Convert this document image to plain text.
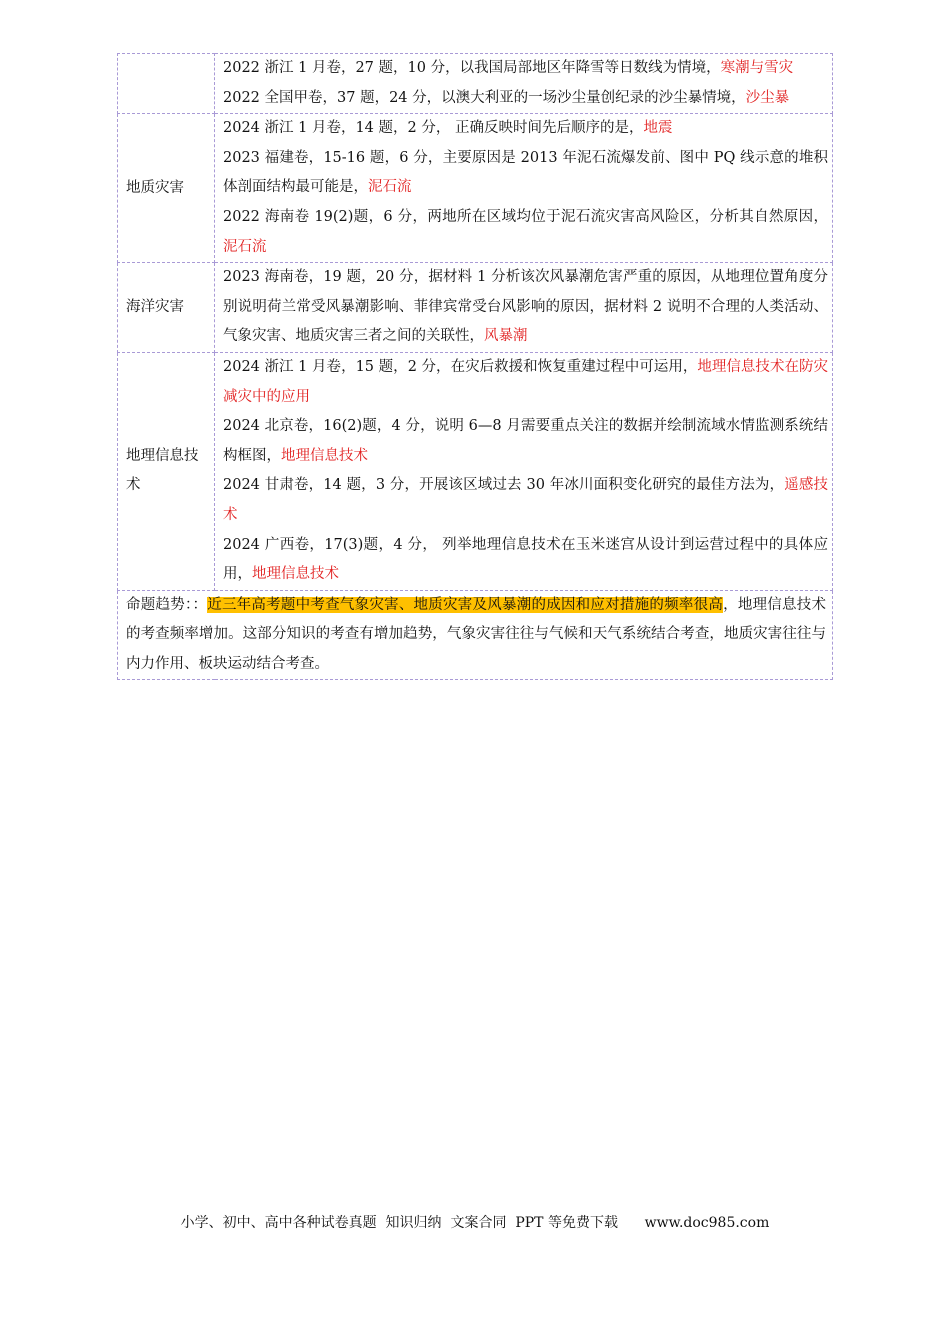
	2022 浙江 1 月卷，27 题，10 分，以我国局部地区年降雪等日数线为情境，寒潮与雪灾
2022 全国甲卷，37 题，24 分，以澳大利亚的一场沙尘量创纪录的沙尘暴情境，沙尘暴

地质灾害	2024 浙江 1 月卷，14 题，2 分， 正确反映时间先后顺序的是，地震
2023 福建卷，15-16 题，6 分，主要原因是 2013 年泥石流爆发前、图中 PQ 线示意的堆积体剖面结构最可能是，泥石流
2022 海南卷 19(2)题，6 分，两地所在区域均位于泥石流灾害高风险区，分析其自然原因，泥石流

海洋灾害	2023 海南卷，19 题，20 分，据材料 1 分析该次风暴潮危害严重的原因，从地理位置角度分别说明荷兰常受风暴潮影响、菲律宾常受台风影响的原因，据材料 2 说明不合理的人类活动、气象灾害、地质灾害三者之间的关联性，风暴潮

地理信息技术	2024 浙江 1 月卷，15 题，2 分，在灾后救援和恢复重建过程中可运用，地理信息技术在防灾减灾中的应用
2024 北京卷，16(2)题，4 分，说明 6—8 月需要重点关注的数据并绘制流域水情监测系统结构框图，地理信息技术
2024 甘肃卷，14 题，3 分，开展该区域过去 30 年冰川面积变化研究的最佳方法为，遥感技术
2024 广西卷，17(3)题，4 分， 列举地理信息技术在玉米迷宫从设计到运营过程中的具体应用，地理信息技术

命题趋势：：近三年高考题中考查气象灾害、地质灾害及风暴潮的成因和应对措施的频率很高，地理信息技术的考查频率增加。这部分知识的考查有增加趋势，气象灾害往往与气候和天气系统结合考查，地质灾害往往与内力作用、板块运动结合考查。	
小学、初中、高中各种试卷真题  知识归纳  文案合同  PPT 等免费下载      www.doc985.com
